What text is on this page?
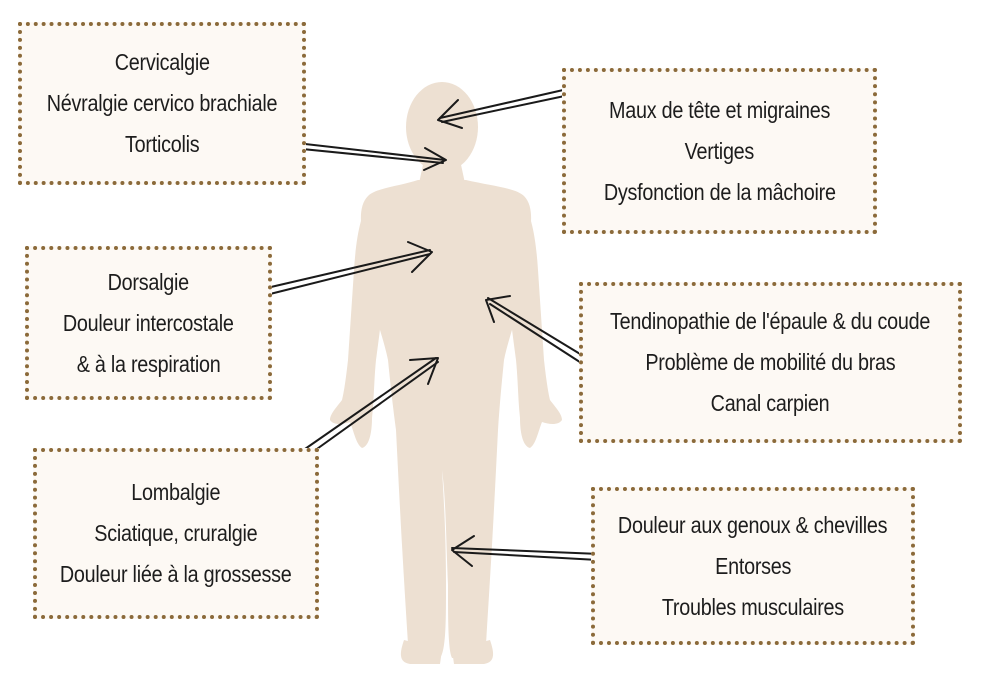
Cervicalgie
Névralgie cervico brachiale
Torticolis
Maux de tête et migraines
Vertiges
Dysfonction de la mâchoire
Dorsalgie
Douleur intercostale
& à la respiration
Tendinopathie de l'épaule & du coude
Problème de mobilité du bras
Canal carpien
Lombalgie
Sciatique, cruralgie
Douleur liée à la grossesse
Douleur aux genoux & chevilles
Entorses
Troubles musculaires
